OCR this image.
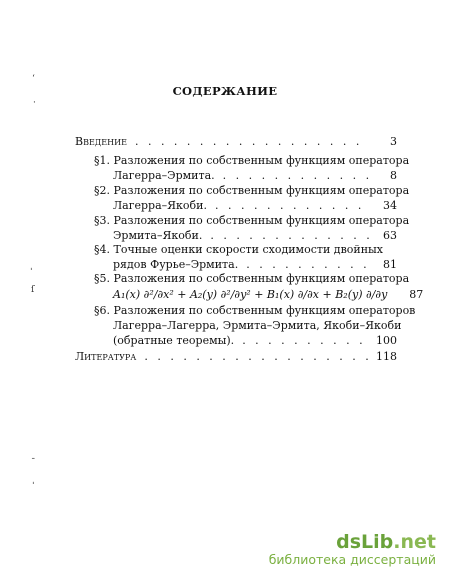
СОДЕРЖАНИЕ
Введение . . .	3
§1. Разложения по собственным функциям оператора
Лагерра–Эрмита. . . .	8
§2. Разложения по собственным функциям оператора
Лагерра–Якоби. . . .	34
§3. Разложения по собственным функциям оператора
Эрмита–Якоби. . . .	63
§4. Точные оценки скорости сходимости двойных
рядов Фурье–Эрмита. . . .	81
§5. Разложения по собственным функциям оператора
A₁(x) ∂²/∂x² + A₂(y) ∂²/∂y² + B₁(x) ∂/∂x + B₂(y) ∂/∂y	87
§6. Разложения по собственным функциям операторов
Лагерра–Лагерра, Эрмита–Эрмита, Якоби–Якоби
(обратные теоремы). . . .	100
Литература . . .	118
ʻ
·
ˌ
ſ
ˉ
ˈ
dsLib.net
библиотека диссертаций
